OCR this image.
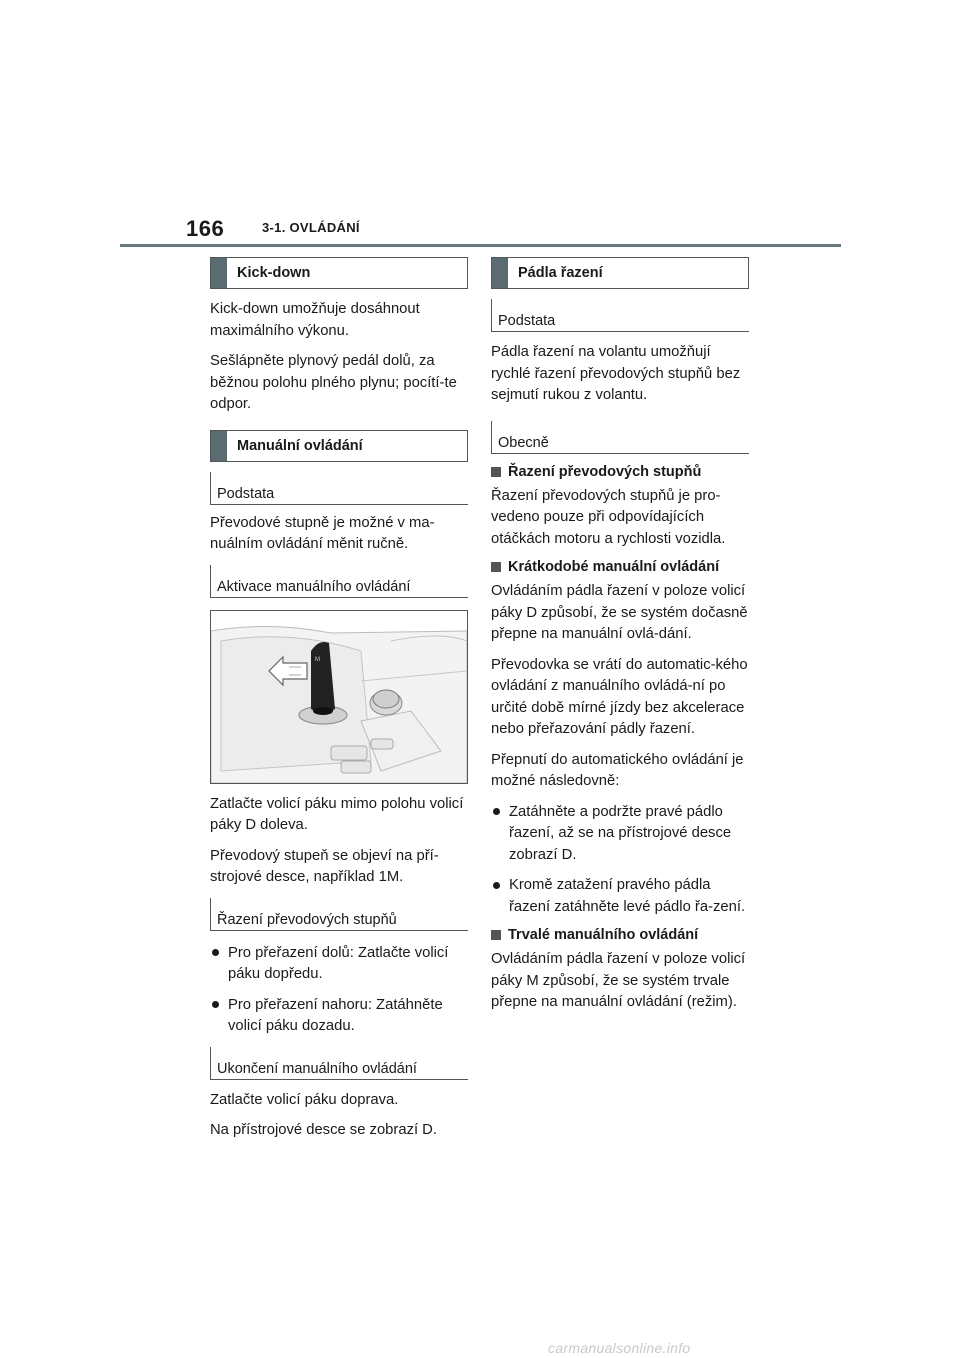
166	3-1. OVLÁDÁNÍ
Kick-down

Kick-down umožňuje dosáhnout maximálního výkonu.

Sešlápněte plynový pedál dolů, za běžnou polohu plného plynu; pocítí-te odpor.

Manuální ovládání
Podstata

Převodové stupně je možné v ma-nuálním ovládání měnit ručně.

Aktivace manuálního ovládání
M

Zatlačte volicí páku mimo polohu volicí páky D doleva.

Převodový stupeň se objeví na pří-strojové desce, například 1M.

Řazení převodových stupňů
Pro přeřazení dolů: Zatlačte volicí páku dopředu.
Pro přeřazení nahoru: Zatáhněte volicí páku dozadu.
Ukončení manuálního ovládání

Zatlačte volicí páku doprava.

Na přístrojové desce se zobrazí D.

Pádla řazení
Podstata

Pádla řazení na volantu umožňují rychlé řazení převodových stupňů bez sejmutí rukou z volantu.

Obecně
Řazení převodových stupňů

Řazení převodových stupňů je pro-vedeno pouze při odpovídajících otáčkách motoru a rychlosti vozidla.

Krátkodobé manuální ovládání

Ovládáním pádla řazení v poloze volicí páky D způsobí, že se systém dočasně přepne na manuální ovlá-dání.

Převodovka se vrátí do automatic-kého ovládání z manuálního ovládá-ní po určité době mírné jízdy bez akcelerace nebo přeřazování pádly řazení.

Přepnutí do automatického ovládání je možné následovně:

Zatáhněte a podržte pravé pádlo řazení, až se na přístrojové desce zobrazí D.
Kromě zatažení pravého pádla řazení zatáhněte levé pádlo řa-zení.
Trvalé manuálního ovládání

Ovládáním pádla řazení v poloze volicí páky M způsobí, že se systém trvale přepne na manuální ovládání (režim).

carmanualsonline.info
